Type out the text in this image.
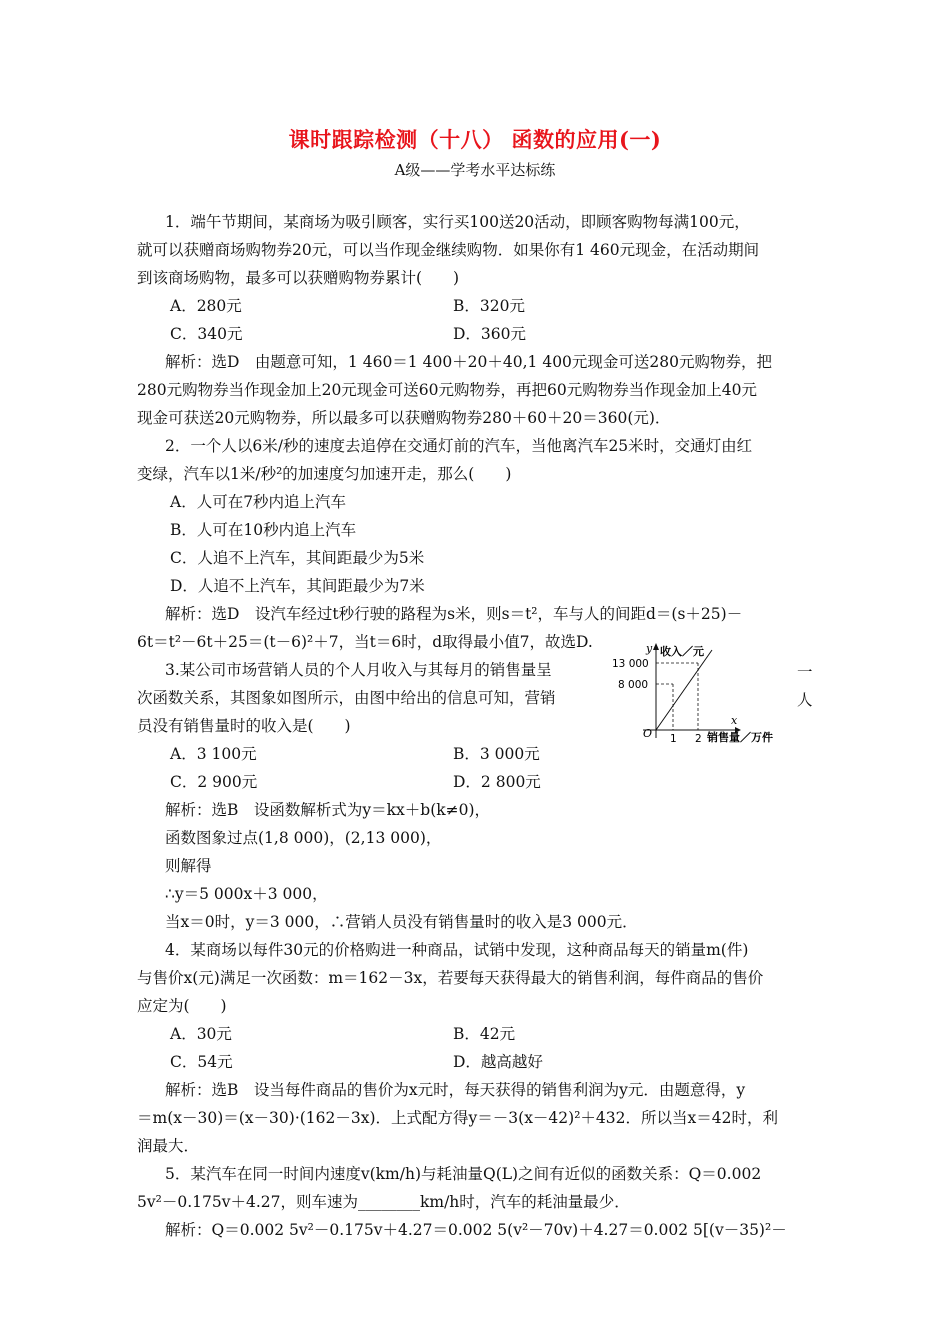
课时跟踪检测（十八） 函数的应用(一)
A级——学考水平达标练
1．端午节期间，某商场为吸引顾客，实行买100送20活动，即顾客购物每满100元，
就可以获赠商场购物券20元，可以当作现金继续购物．如果你有1 460元现金，在活动期间
到该商场购物，最多可以获赠购物券累计(　　)
A．280元	B．320元
C．340元	D．360元
解析：选D　由题意可知，1 460＝1 400＋20＋40,1 400元现金可送280元购物券，把
280元购物券当作现金加上20元现金可送60元购物券，再把60元购物券当作现金加上40元
现金可获送20元购物券，所以最多可以获赠购物券280＋60＋20＝360(元)．
2．一个人以6米/秒的速度去追停在交通灯前的汽车，当他离汽车25米时，交通灯由红
变绿，汽车以1米/秒²的加速度匀加速开走，那么(　　)
A．人可在7秒内追上汽车
B．人可在10秒内追上汽车
C．人追不上汽车，其间距最少为5米
D．人追不上汽车，其间距最少为7米
解析：选D　设汽车经过t秒行驶的路程为s米，则s＝t²，车与人的间距d＝(s＋25)－
6t＝t²－6t＋25＝(t－6)²＋7，当t＝6时，d取得最小值7，故选D.
3.某公司市场营销人员的个人月收入与其每月的销售量呈	一
次函数关系，其图象如图所示，由图中给出的信息可知，营销	人
员没有销售量时的收入是(　　)
y 收入／元
13 000
8 000
O 1 2
x
销售量／万件
A．3 100元	B．3 000元
C．2 900元	D．2 800元
解析：选B　设函数解析式为y＝kx＋b(k≠0)，
函数图象过点(1,8 000)，(2,13 000)，
则解得
∴y＝5 000x＋3 000，
当x＝0时，y＝3 000，∴营销人员没有销售量时的收入是3 000元．
4．某商场以每件30元的价格购进一种商品，试销中发现，这种商品每天的销量m(件)
与售价x(元)满足一次函数：m＝162－3x，若要每天获得最大的销售利润，每件商品的售价
应定为(　　)
A．30元	B．42元
C．54元	D．越高越好
解析：选B　设当每件商品的售价为x元时，每天获得的销售利润为y元．由题意得，y
＝m(x－30)＝(x－30)·(162－3x)．上式配方得y＝－3(x－42)²＋432．所以当x＝42时，利
润最大．
5．某汽车在同一时间内速度v(km/h)与耗油量Q(L)之间有近似的函数关系：Q＝0.002
5v²－0.175v＋4.27，则车速为________km/h时，汽车的耗油量最少．
解析：Q＝0.002 5v²－0.175v＋4.27＝0.002 5(v²－70v)＋4.27＝0.002 5[(v－35)²－
